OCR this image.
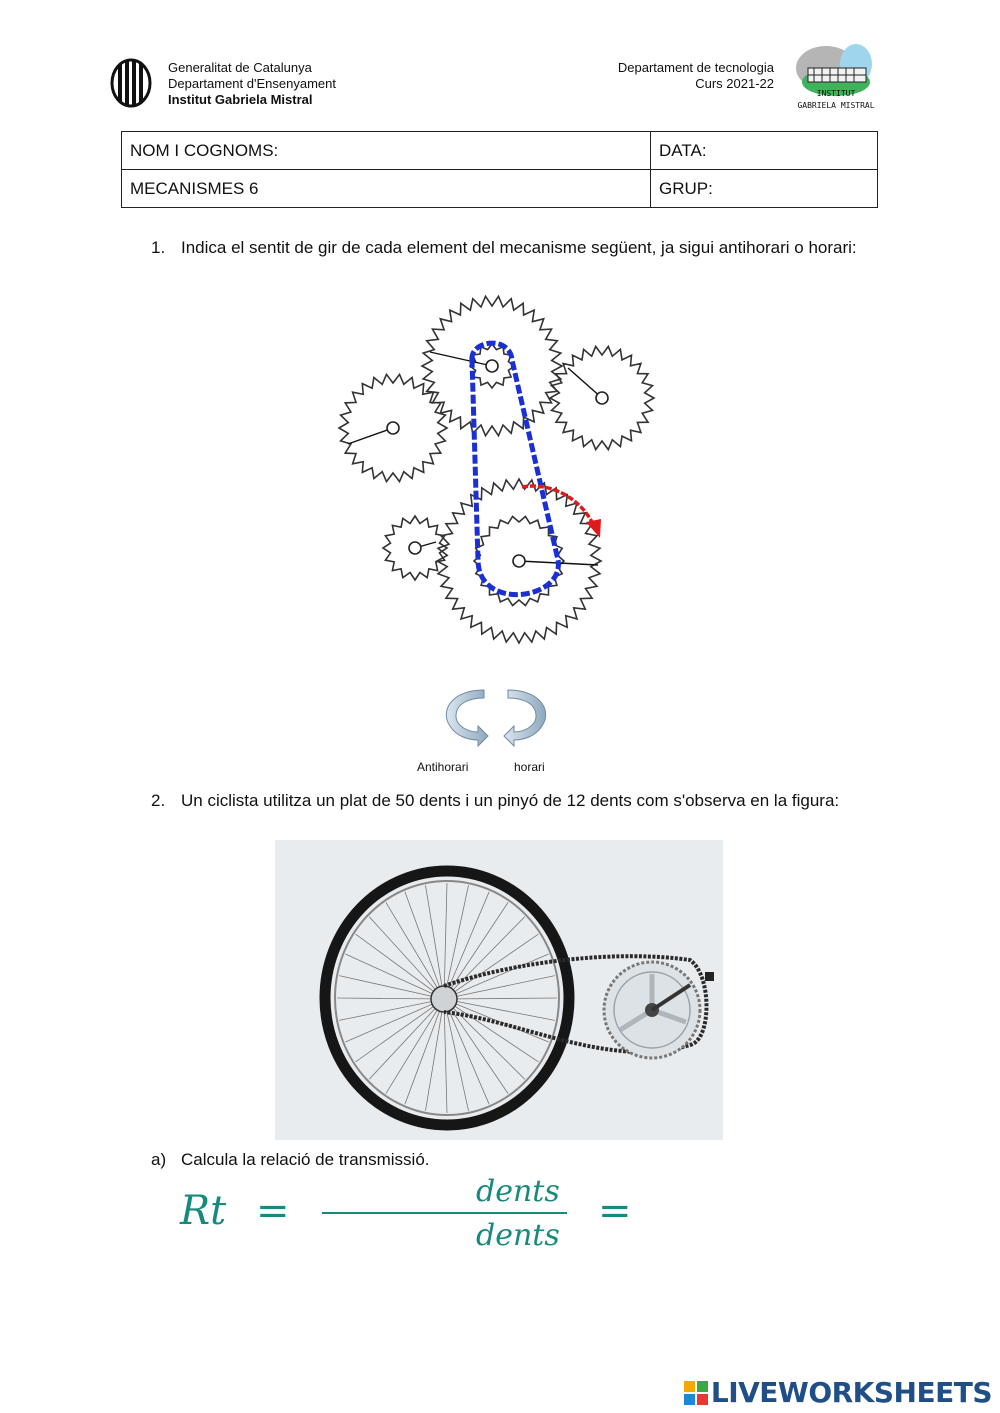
Generalitat de Catalunya
Departament d'Ensenyament
Institut Gabriela Mistral
Departament de tecnologia
Curs 2021-22
INSTITUT
GABRIELA MISTRAL
NOM I COGNOMS:	DATA:
MECANISMES 6	GRUP:
1. Indica el sentit de gir de cada element del mecanisme següent, ja sigui antihorari o horari:
Antihorari	horari
2. Un ciclista utilitza un plat de 50 dents i un pinyó de 12 dents com s'observa en la figura:
a) Calcula la relació de transmissió.
Rt =	dents
dents
=
LIVEWORKSHEETS
